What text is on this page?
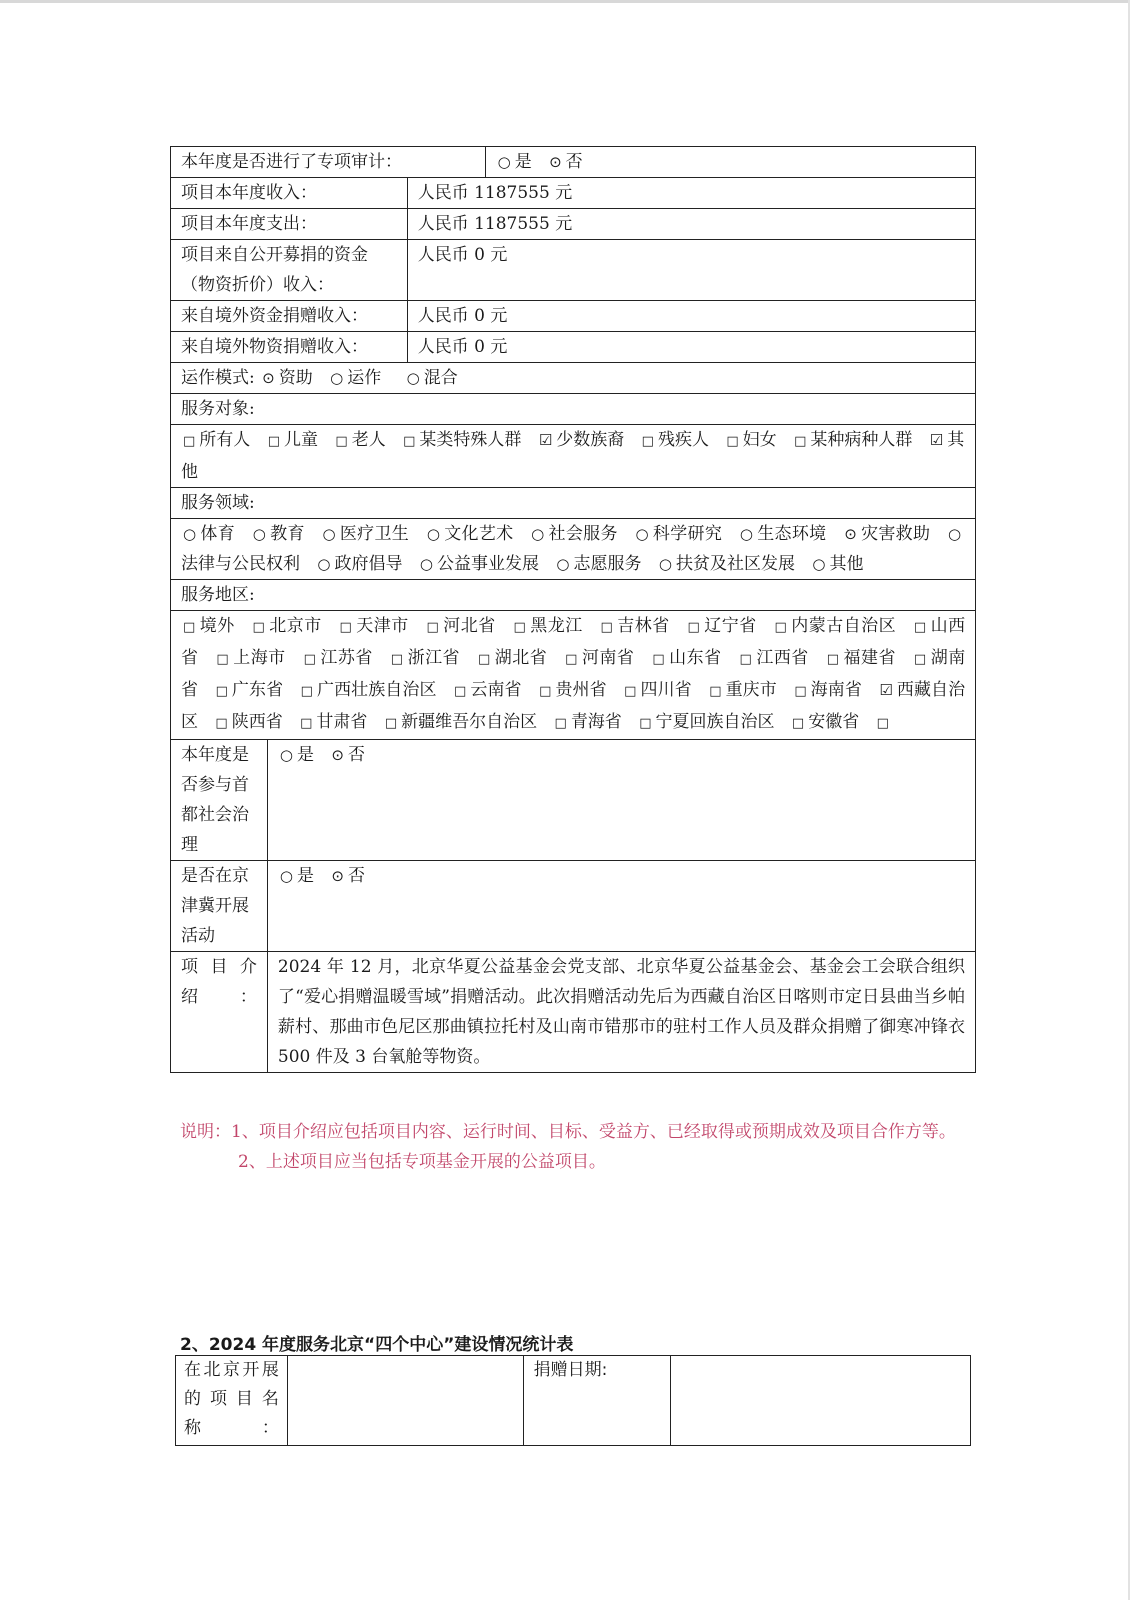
本年度是否进行了专项审计：			○ 是 ⊙ 否
项目本年度收入：		人民币 1187555 元	
项目本年度支出：		人民币 1187555 元	
项目来自公开募捐的资金（物资折价）收入：		人民币 0 元	
来自境外资金捐赠收入：		人民币 0 元	
来自境外物资捐赠收入：		人民币 0 元	
运作模式: ⊙ 资助 ○ 运作 ○ 混合			
服务对象:			
□ 所有人 □ 儿童 □ 老人 □ 某类特殊人群 ☑ 少数族裔 □ 残疾人 □ 妇女 □ 某种病种人群 ☑ 其他			
服务领域:			
○ 体育 ○ 教育 ○ 医疗卫生 ○ 文化艺术 ○ 社会服务 ○ 科学研究 ○ 生态环境 ⊙ 灾害救助 ○法律与公民权利 ○ 政府倡导 ○ 公益事业发展 ○ 志愿服务 ○ 扶贫及社区发展 ○ 其他			
服务地区:			
□ 境外 □ 北京市 □ 天津市 □ 河北省 □ 黑龙江 □ 吉林省 □ 辽宁省 □ 内蒙古自治区 □ 山西省 □ 上海市 □ 江苏省 □ 浙江省 □ 湖北省 □ 河南省 □ 山东省 □ 江西省 □ 福建省 □ 湖南省 □ 广东省 □ 广西壮族自治区 □ 云南省 □ 贵州省 □ 四川省 □ 重庆市 □ 海南省 ☑ 西藏自治区 □ 陕西省 □ 甘肃省 □ 新疆维吾尔自治区 □ 青海省 □ 宁夏回族自治区 □ 安徽省 □			
本年度是否参与首都社会治理	○ 是 ⊙ 否		
是否在京津冀开展活动	○ 是 ⊙ 否		
项 目 介 绍：	2024 年 12 月，北京华夏公益基金会党支部、北京华夏公益基金会、基金会工会联合组织了“爱心捐赠温暖雪域”捐赠活动。此次捐赠活动先后为西藏自治区日喀则市定日县曲当乡帕薪村、那曲市色尼区那曲镇拉托村及山南市错那市的驻村工作人员及群众捐赠了御寒冲锋衣 500 件及 3 台氧舱等物资。		
说明：1、项目介绍应包括项目内容、运行时间、目标、受益方、已经取得或预期成效及项目合作方等。
2、上述项目应当包括专项基金开展的公益项目。
2、2024 年度服务北京“四个中心”建设情况统计表
在北京开展的项目名称：		捐赠日期:	
